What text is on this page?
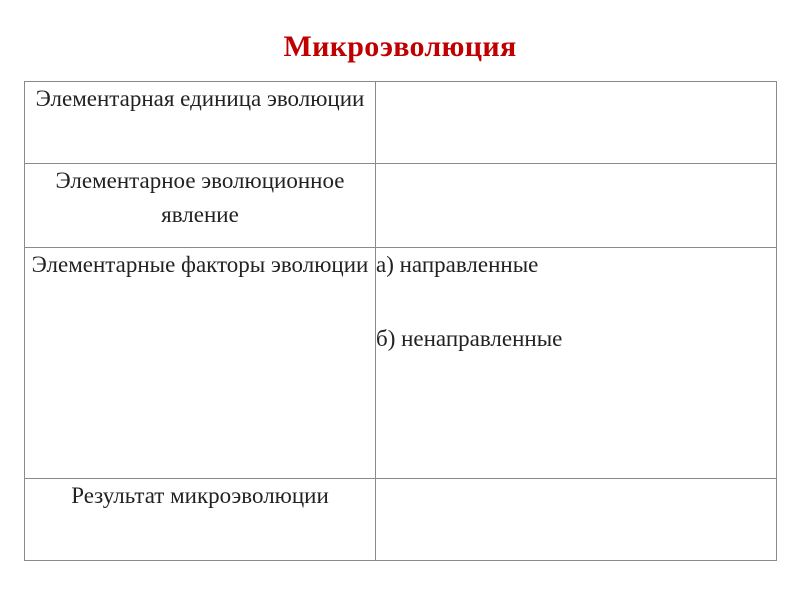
Микроэволюция
Элементарная единица эволюции	
Элементарное эволюционное явление	
Элементарные факторы эволюции	а) направленные
б) ненаправленные

Результат микроэволюции	
